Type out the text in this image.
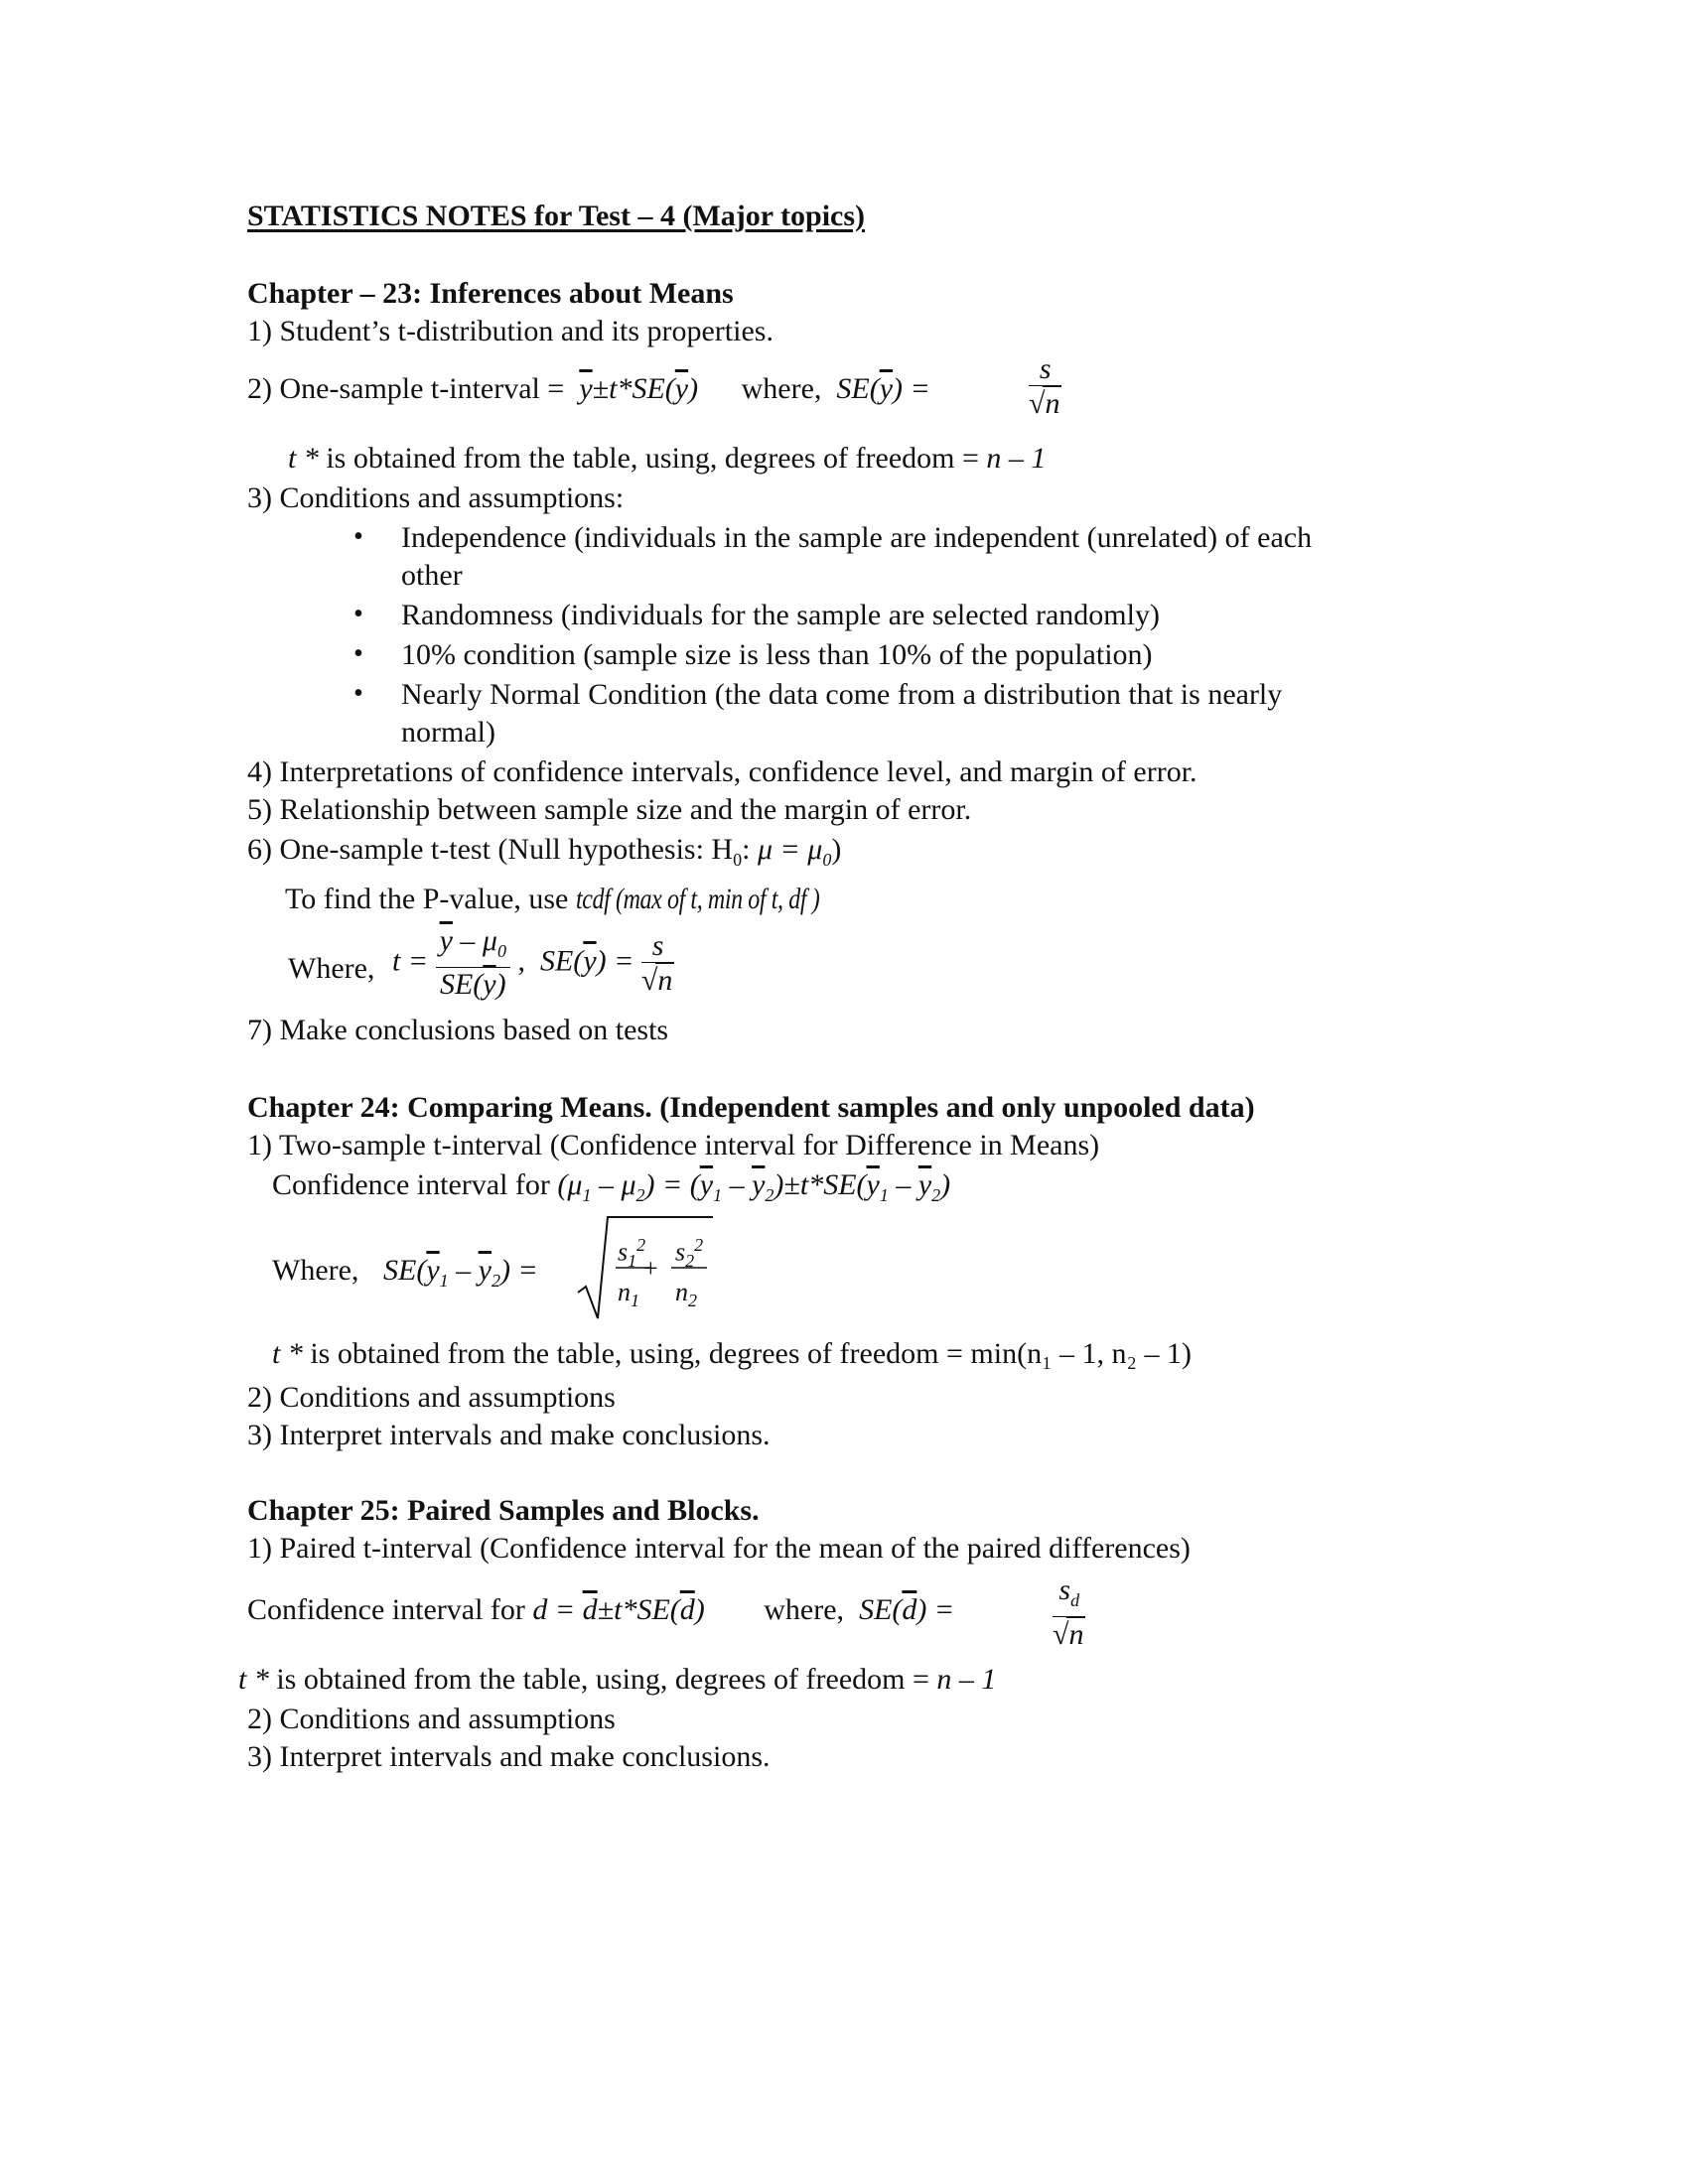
STATISTICS NOTES for Test – 4 (Major topics)
Chapter – 23: Inferences about Means
1) Student’s t-distribution and its properties.
2) One-sample t-interval = $\overline{y}\pm t*SE(\overline{y})$ where,  $SE(\overline{y})$ =	$\frac{s}{√n}$
t * is obtained from the table, using, degrees of freedom = n – 1
3) Conditions and assumptions:
• Independence (individuals in the sample are independent (unrelated) of each
other
• Randomness (individuals for the sample are selected randomly)
• 10% condition (sample size is less than 10% of the population)
• Nearly Normal Condition (the data come from a distribution that is nearly
normal)
4) Interpretations of confidence intervals, confidence level, and margin of error.
5) Relationship between sample size and the margin of error.
6) One-sample t-test (Null hypothesis: $H_0$: $\mu = \mu_0$)
To find the P-value, use tcdf (max of t, min of t, df )
Where, $t = \frac{\overline{y} - \mu_0}{SE(\overline{y})}$ ,  $SE(\overline{y}) = \frac{s}{√n}$
7) Make conclusions based on tests
Chapter 24: Comparing Means. (Independent samples and only unpooled data)
1) Two-sample t-interval (Confidence interval for Difference in Means)
Confidence interval for $(\mu_1 - \mu_2) = (\overline{y}_1 - \overline{y}_2)\pm t*SE(\overline{y}_1 - \overline{y}_2)$
Where, $SE(\overline{y}_1 - \overline{y}_2)$ =
$s_1^2$
+
$s_2^2$
$n_1$ $n_2$
t * is obtained from the table, using, degrees of freedom = min(n₁ – 1, n₂ – 1)
2) Conditions and assumptions
3) Interpret intervals and make conclusions.
Chapter 25: Paired Samples and Blocks.
1) Paired t-interval (Confidence interval for the mean of the paired differences)
Confidence interval for $d = \overline{d}\pm t*SE(\overline{d})$ where,  $SE(\overline{d})$ =	$\frac{s_d}{√n}$
t * is obtained from the table, using, degrees of freedom = n – 1
2) Conditions and assumptions
3) Interpret intervals and make conclusions.
